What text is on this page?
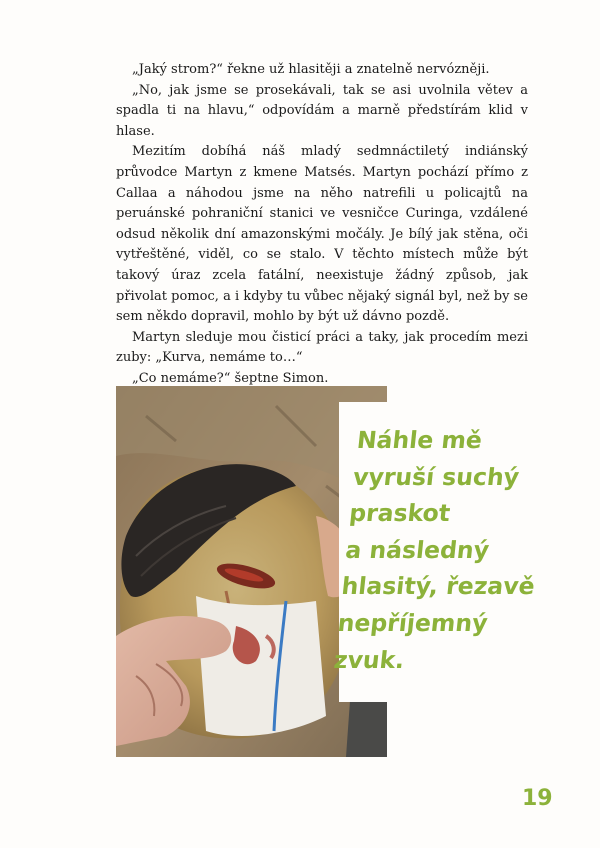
„Jaký strom?“ řekne už hlasitěji a znatelně nervózněji.

„No, jak jsme se prosekávali, tak se asi uvolnila větev a spadla ti na hlavu,“ odpovídám a marně předstírám klid v hlase.

Mezitím dobíhá náš mladý sedmnáctiletý indiánský průvodce Martyn z kmene Matsés. Martyn pochází přímo z Callaa a náhodou jsme na něho natrefili u policajtů na peruánské pohraniční stanici ve vesničce Curinga, vzdálené odsud několik dní amazonskými močály. Je bílý jak stěna, oči vytřeštěné, viděl, co se stalo. V těchto místech může být takový úraz zcela fatální, neexistuje žádný způsob, jak přivolat pomoc, a i kdyby tu vůbec nějaký signál byl, než by se sem někdo dopravil, mohlo by být už dávno pozdě.

Martyn sleduje mou čisticí práci a taky, jak procedím mezi zuby: „Kurva, nemáme to…“

„Co nemáme?“ šeptne Simon.

Náhle mě
vyruší suchý
praskot
a následný
hlasitý, řezavě
nepříjemný
zvuk.

19
